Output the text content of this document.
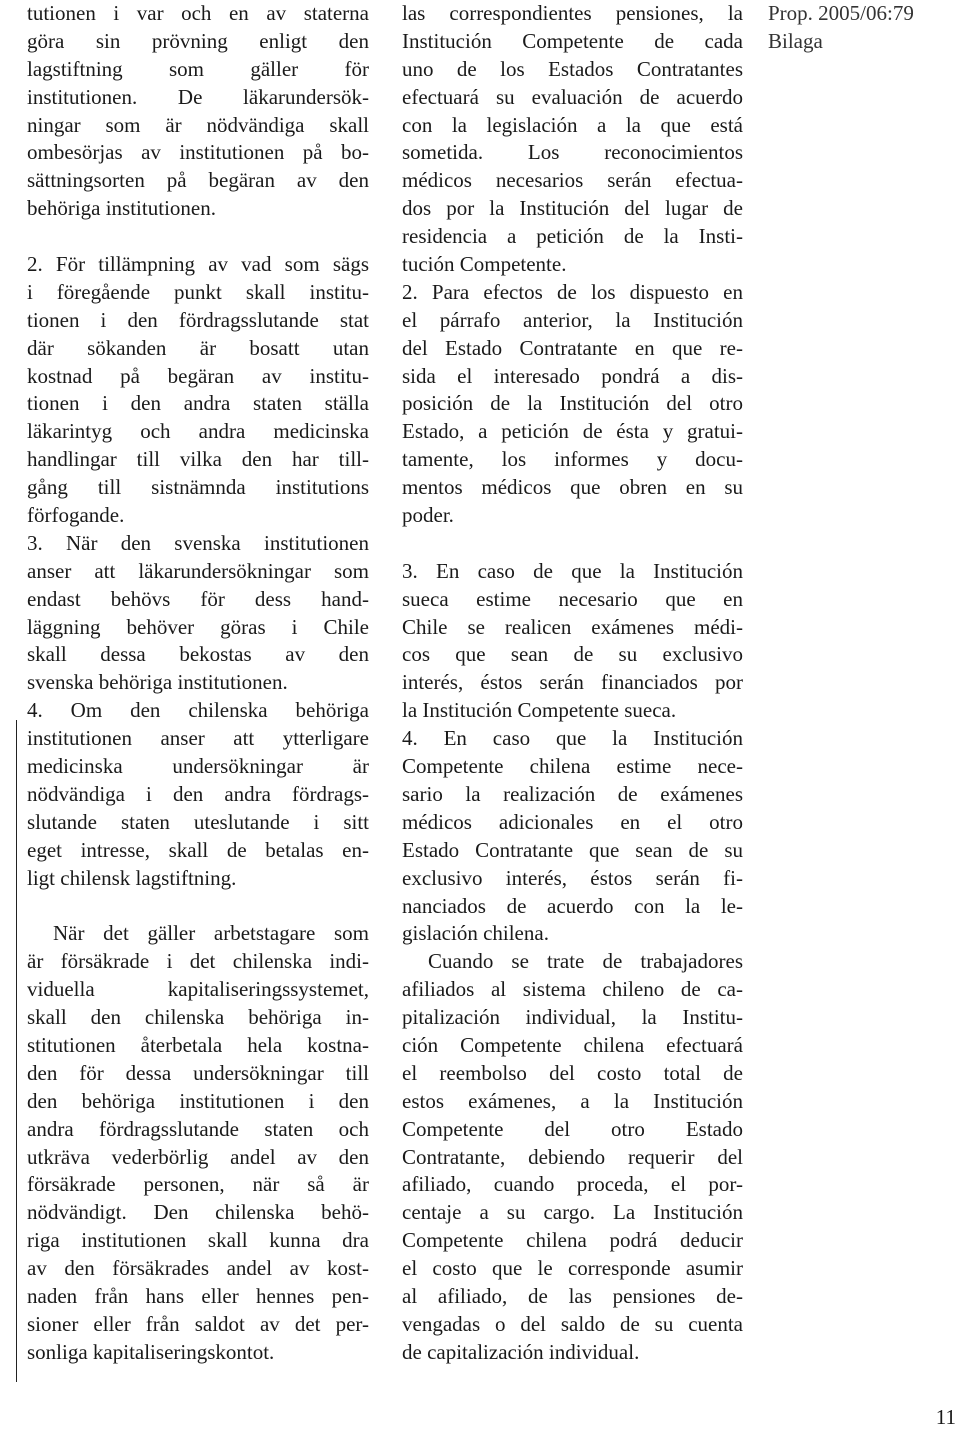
Prop. 2005/06:79
Bilaga
tutionen i var och en av staterna
göra sin prövning enligt den
lagstiftning som gäller för
institutionen. De läkarundersök-
ningar som är nödvändiga skall
ombesörjas av institutionen på bo-
sättningsorten på begäran av den
behöriga institutionen.
2. För tillämpning av vad som sägs
i föregående punkt skall institu-
tionen i den fördragsslutande stat
där sökanden är bosatt utan
kostnad på begäran av institu-
tionen i den andra staten ställa
läkarintyg och andra medicinska
handlingar till vilka den har till-
gång till sistnämnda institutions
förfogande.
3. När den svenska institutionen
anser att läkarundersökningar som
endast behövs för dess hand-
läggning behöver göras i Chile
skall dessa bekostas av den
svenska behöriga institutionen.
4. Om den chilenska behöriga
institutionen anser att ytterligare
medicinska undersökningar är
nödvändiga i den andra fördrags-
slutande staten uteslutande i sitt
eget intresse, skall de betalas en-
ligt chilensk lagstiftning.
När det gäller arbetstagare som
är försäkrade i det chilenska indi-
viduella kapitaliseringssystemet,
skall den chilenska behöriga in-
stitutionen återbetala hela kostna-
den för dessa undersökningar till
den behöriga institutionen i den
andra fördragsslutande staten och
utkräva vederbörlig andel av den
försäkrade personen, när så är
nödvändigt. Den chilenska behö-
riga institutionen skall kunna dra
av den försäkrades andel av kost-
naden från hans eller hennes pen-
sioner eller från saldot av det per-
sonliga kapitaliseringskontot.
las correspondientes pensiones, la
Institución Competente de cada
uno de los Estados Contratantes
efectuará su evaluación de acuerdo
con la legislación a la que está
sometida. Los reconocimientos
médicos necesarios serán efectua-
dos por la Institución del lugar de
residencia a petición de la Insti-
tución Competente.
2. Para efectos de los dispuesto en
el párrafo anterior, la Institución
del Estado Contratante en que re-
sida el interesado pondrá a dis-
posición de la Institución del otro
Estado, a petición de ésta y gratui-
tamente, los informes y docu-
mentos médicos que obren en su
poder.
3. En caso de que la Institución
sueca estime necesario que en
Chile se realicen exámenes médi-
cos que sean de su exclusivo
interés, éstos serán financiados por
la Institución Competente sueca.
4. En caso que la Institución
Competente chilena estime nece-
sario la realización de exámenes
médicos adicionales en el otro
Estado Contratante que sean de su
exclusivo interés, éstos serán fi-
nanciados de acuerdo con la le-
gislación chilena.
Cuando se trate de trabajadores
afiliados al sistema chileno de ca-
pitalización individual, la Institu-
ción Competente chilena efectuará
el reembolso del costo total de
estos exámenes, a la Institución
Competente del otro Estado
Contratante, debiendo requerir del
afiliado, cuando proceda, el por-
centaje a su cargo. La Institución
Competente chilena podrá deducir
el costo que le corresponde asumir
al afiliado, de las pensiones de-
vengadas o del saldo de su cuenta
de capitalización individual.
11
